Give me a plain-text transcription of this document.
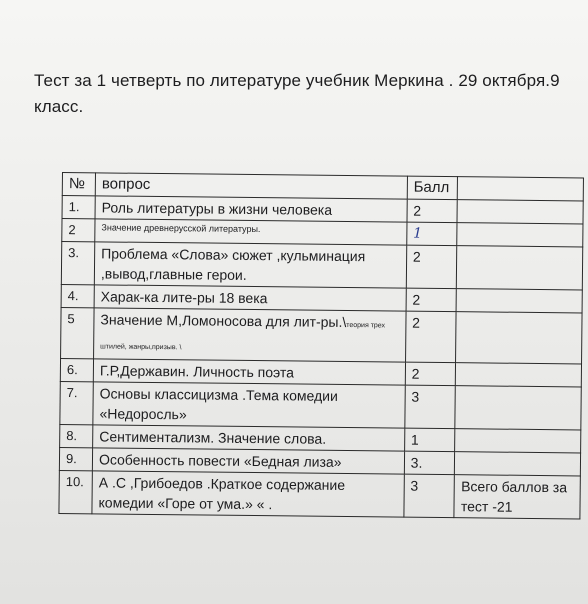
Тест за 1 четверть по литературе учебник Меркина . 29 октября.9 класс.
№	вопрос	Балл	
1.	Роль литературы в жизни человека	2	
2	Значение древнерусской литературы.	1	
3.	Проблема «Слова» сюжет ,кульминация ,вывод,главные герои.	2	
4.	Харак-ка лите-ры 18 века	2	
5	Значение М,Ломоносова для лит-ры.\теория трех штилей, жанры,призыв. \	2	
6.	Г.Р,Державин. Личность поэта	2	
7.	Основы классицизма .Тема комедии «Недоросль»	3	
8.	Сентиментализм. Значение слова.	1	
9.	Особенность повести «Бедная лиза»	3.	
10.	А .С ,Грибоедов .Краткое содержание комедии «Горе от ума.» « .	3	Всего баллов за тест -21
